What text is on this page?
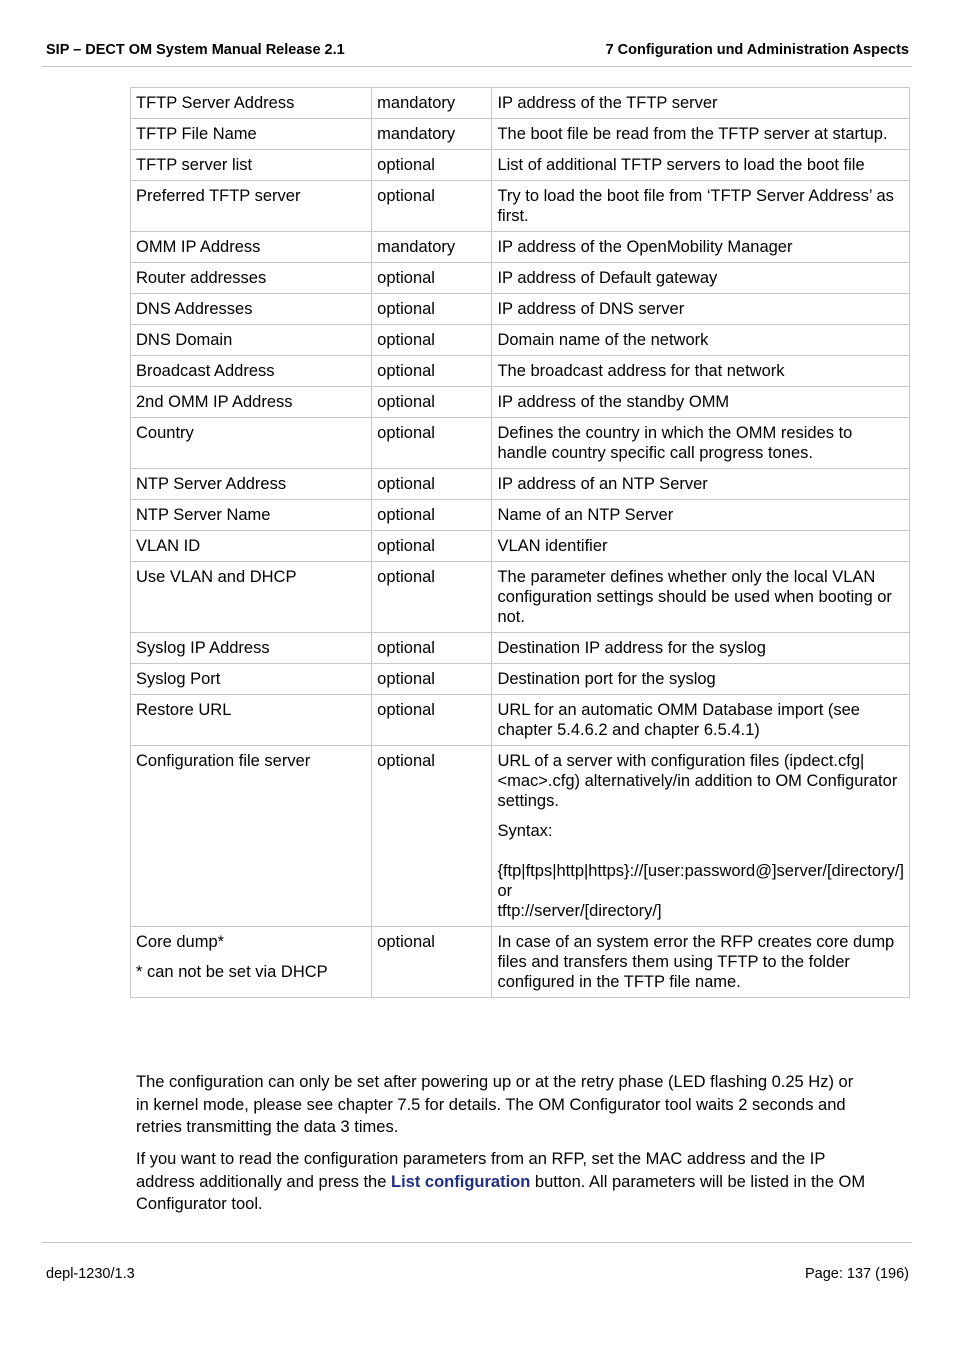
SIP – DECT OM System Manual Release 2.1	7 Configuration und Administration Aspects
TFTP Server Address	mandatory	IP address of the TFTP server
TFTP File Name	mandatory	The boot file be read from the TFTP server at startup.
TFTP server list	optional	List of additional TFTP servers to load the boot file
Preferred TFTP server	optional	Try to load the boot file from ‘TFTP Server Address’ as first.
OMM IP Address	mandatory	IP address of the OpenMobility Manager
Router addresses	optional	IP address of Default gateway
DNS Addresses	optional	IP address of DNS server
DNS Domain	optional	Domain name of the network
Broadcast Address	optional	The broadcast address for that network
2nd OMM IP Address	optional	IP address of the standby OMM
Country	optional	Defines the country in which the OMM resides to handle country specific call progress tones.
NTP Server Address	optional	IP address of an NTP Server
NTP Server Name	optional	Name of an NTP Server
VLAN ID	optional	VLAN identifier
Use VLAN and DHCP	optional	The parameter defines whether only the local VLAN configuration settings should be used when booting or not.
Syslog IP Address	optional	Destination IP address for the syslog
Syslog Port	optional	Destination port for the syslog
Restore URL	optional	URL for an automatic OMM Database import (see chapter 5.4.6.2 and chapter 6.5.4.1)
Configuration file server	optional	URL of a server with configuration files (ipdect.cfg|<mac>.cfg) alternatively/in addition to OM Configurator settings.

Syntax:

{ftp|ftps|http|https}://[user:password@]server/[directory/]
or
tftp://server/[directory/]

Core dump*

* can not be set via DHCP	optional	In case of an system error the RFP creates core dump files and transfers them using TFTP to the folder configured in the TFTP file name.

The configuration can only be set after powering up or at the retry phase (LED flashing 0.25 Hz) or in kernel mode, please see chapter 7.5 for details. The OM Configurator tool waits 2 seconds and retries transmitting the data 3 times.

If you want to read the configuration parameters from an RFP, set the MAC address and the IP address additionally and press the List configuration button. All parameters will be listed in the OM Configurator tool.

depl-1230/1.3	Page: 137 (196)
